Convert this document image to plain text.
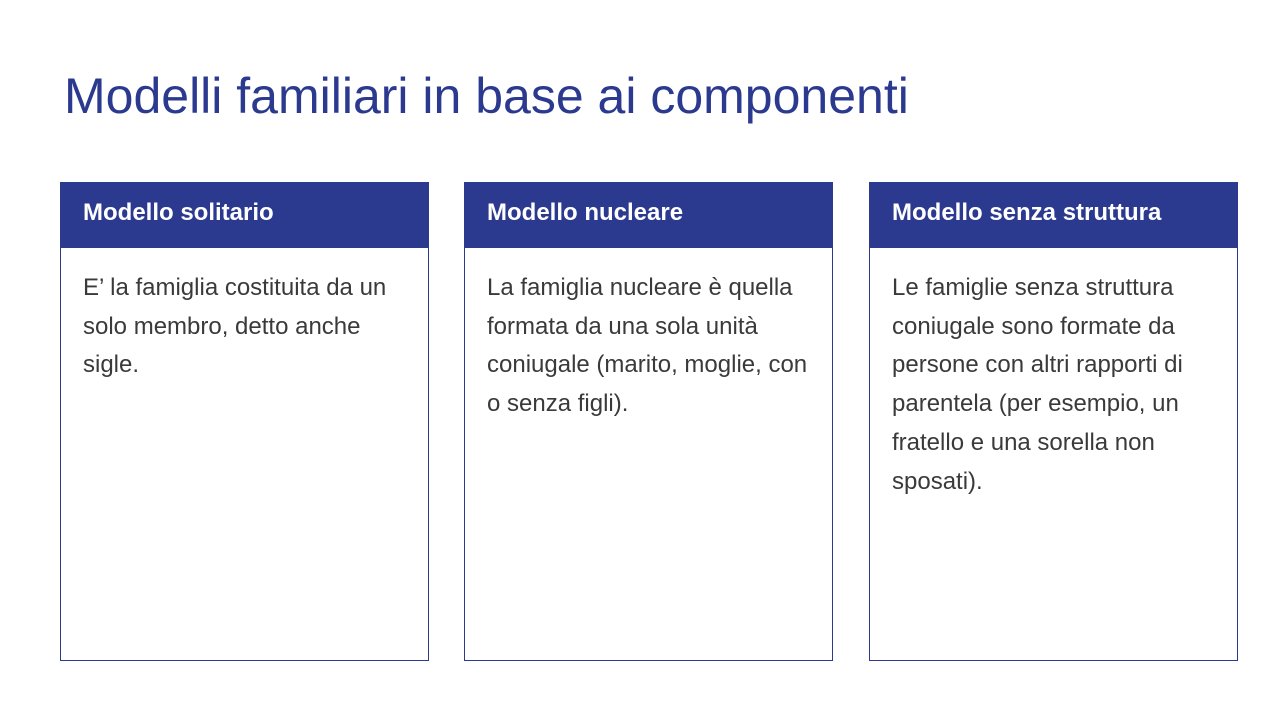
Modelli familiari in base ai componenti
Modello solitario
E’ la famiglia costituita da un solo membro, detto anche sigle.
Modello nucleare
La famiglia nucleare è quella formata da una sola unità coniugale (marito, moglie, con o senza figli).
Modello senza struttura
Le famiglie senza struttura coniugale sono formate da persone con altri rapporti di parentela (per esempio, un fratello e una sorella non sposati).
